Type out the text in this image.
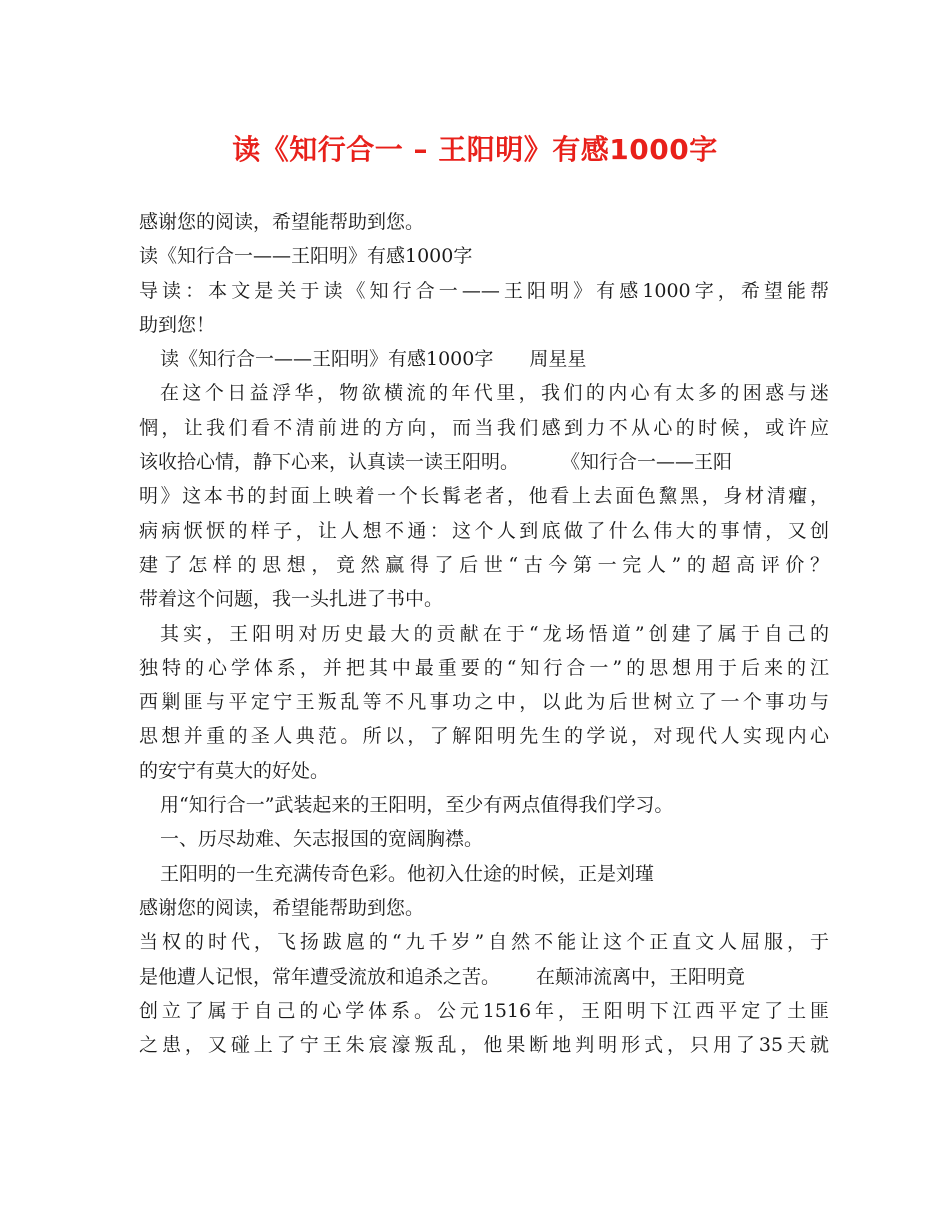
读《知行合一 – 王阳明》有感1000字
感谢您的阅读，希望能帮助到您。
读《知行合一——王阳明》有感1000字
导读：本文是关于读《知行合一——王阳明》有感1000字，希望能帮
助到您！
读《知行合一——王阳明》有感1000字 周星星
在这个日益浮华，物欲横流的年代里，我们的内心有太多的困惑与迷
惘，让我们看不清前进的方向，而当我们感到力不从心的时候，或许应
该收拾心情，静下心来，认真读一读王阳明。 《知行合一——王阳
明》这本书的封面上映着一个长髯老者，他看上去面色黧黑，身材清癯，
病病恹恹的样子，让人想不通：这个人到底做了什么伟大的事情，又创
建了怎样的思想，竟然赢得了后世“古今第一完人”的超高评价？
带着这个问题，我一头扎进了书中。
其实，王阳明对历史最大的贡献在于“龙场悟道”创建了属于自己的
独特的心学体系，并把其中最重要的“知行合一”的思想用于后来的江
西剿匪与平定宁王叛乱等不凡事功之中，以此为后世树立了一个事功与
思想并重的圣人典范。所以，了解阳明先生的学说，对现代人实现内心
的安宁有莫大的好处。
用“知行合一”武装起来的王阳明，至少有两点值得我们学习。
一、历尽劫难、矢志报国的宽阔胸襟。
王阳明的一生充满传奇色彩。他初入仕途的时候，正是刘瑾
感谢您的阅读，希望能帮助到您。
当权的时代，飞扬跋扈的“九千岁”自然不能让这个正直文人屈服，于
是他遭人记恨，常年遭受流放和追杀之苦。 在颠沛流离中，王阳明竟
创立了属于自己的心学体系。公元1516年，王阳明下江西平定了土匪
之患，又碰上了宁王朱宸濠叛乱，他果断地判明形式，只用了35天就
